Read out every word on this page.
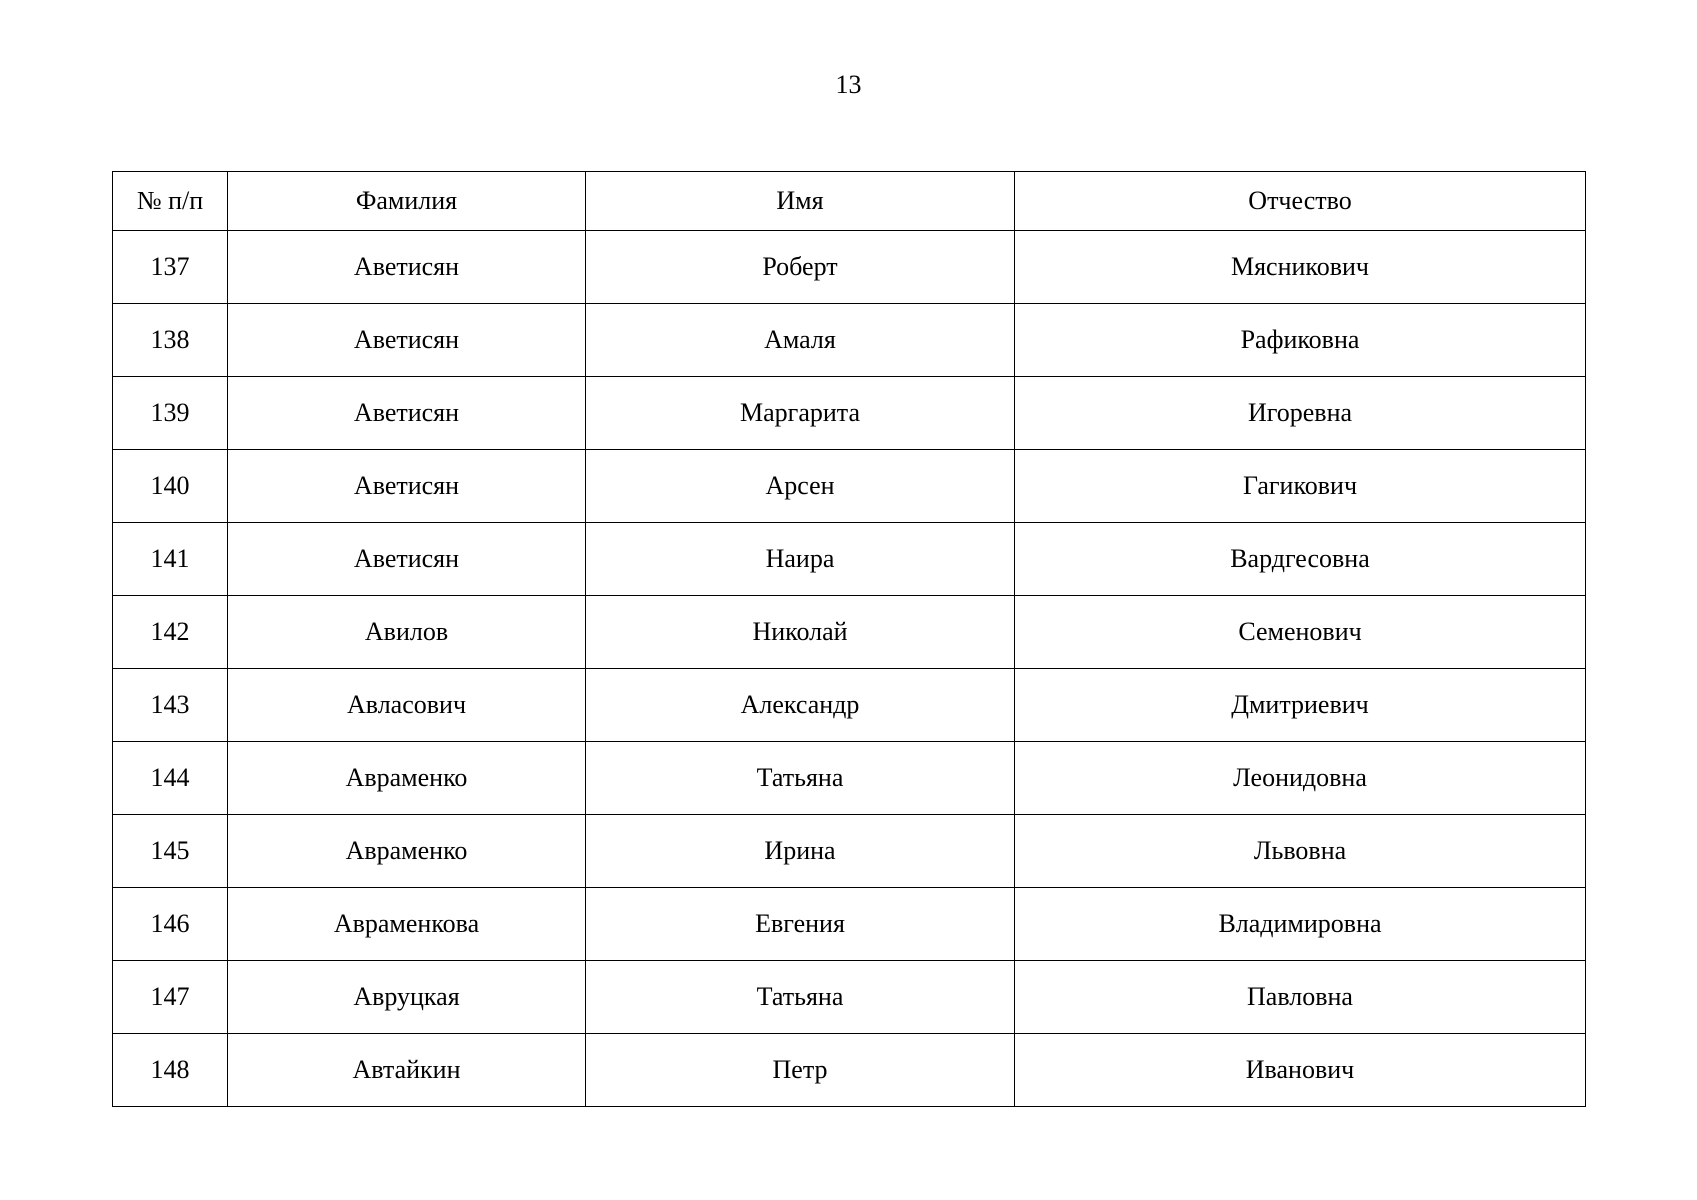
13
№ п/п	Фамилия	Имя	Отчество
137	Аветисян	Роберт	Мясникович
138	Аветисян	Амаля	Рафиковна
139	Аветисян	Маргарита	Игоревна
140	Аветисян	Арсен	Гагикович
141	Аветисян	Наира	Вардгесовна
142	Авилов	Николай	Семенович
143	Авласович	Александр	Дмитриевич
144	Авраменко	Татьяна	Леонидовна
145	Авраменко	Ирина	Львовна
146	Авраменкова	Евгения	Владимировна
147	Авруцкая	Татьяна	Павловна
148	Автайкин	Петр	Иванович
